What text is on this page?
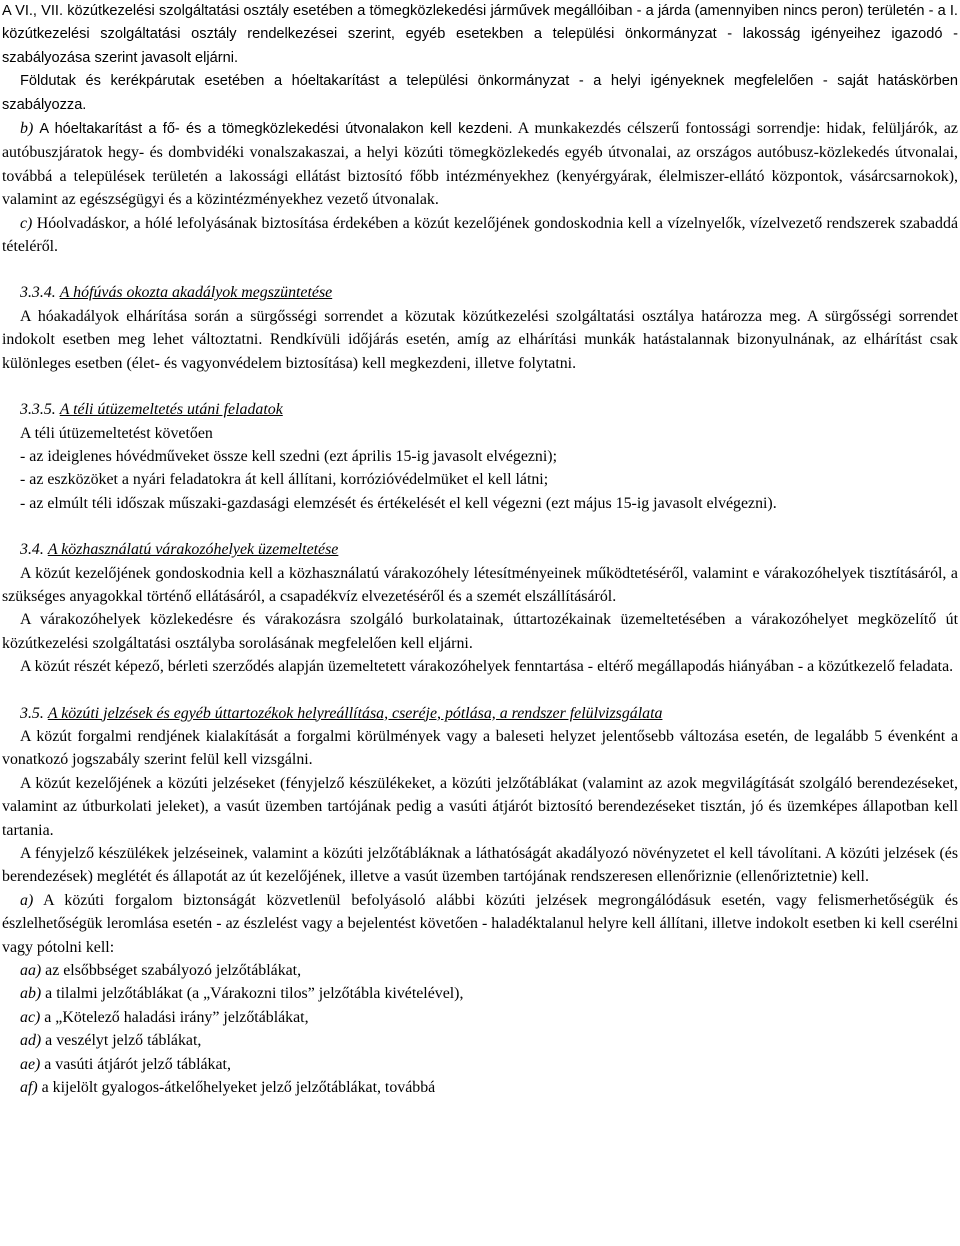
A VI., VII. közútkezelési szolgáltatási osztály esetében a tömegközlekedési járművek megállóiban - a járda (amennyiben nincs peron) területén - a I. közútkezelési szolgáltatási osztály rendelkezései szerint, egyéb esetekben a települési önkormányzat - lakosság igényeihez igazodó - szabályozása szerint javasolt eljárni.

Földutak és kerékpárutak esetében a hóeltakarítást a települési önkormányzat - a helyi igényeknek megfelelően - saját hatáskörben szabályozza.

b) A hóeltakarítást a fő- és a tömegközlekedési útvonalakon kell kezdeni. A munkakezdés célszerű fontossági sorrendje: hidak, felüljárók, az autóbuszjáratok hegy- és dombvidéki vonalszakaszai, a helyi közúti tömegközlekedés egyéb útvonalai, az országos autóbusz-közlekedés útvonalai, továbbá a települések területén a lakossági ellátást biztosító főbb intézményekhez (kenyérgyárak, élelmiszer-ellátó központok, vásárcsarnokok), valamint az egészségügyi és a közintézményekhez vezető útvonalak.

c) Hóolvadáskor, a hólé lefolyásának biztosítása érdekében a közút kezelőjének gondoskodnia kell a vízelnyelők, vízelvezető rendszerek szabaddá tételéről.

3.3.4. A hófúvás okozta akadályok megszüntetése

A hóakadályok elhárítása során a sürgősségi sorrendet a közutak közútkezelési szolgáltatási osztálya határozza meg. A sürgősségi sorrendet indokolt esetben meg lehet változtatni. Rendkívüli időjárás esetén, amíg az elhárítási munkák hatástalannak bizonyulnának, az elhárítást csak különleges esetben (élet- és vagyonvédelem biztosítása) kell megkezdeni, illetve folytatni.

3.3.5. A téli útüzemeltetés utáni feladatok

A téli útüzemeltetést követően

- az ideiglenes hóvédműveket össze kell szedni (ezt április 15-ig javasolt elvégezni);

- az eszközöket a nyári feladatokra át kell állítani, korrózióvédelmüket el kell látni;

- az elmúlt téli időszak műszaki-gazdasági elemzését és értékelését el kell végezni (ezt május 15-ig javasolt elvégezni).

3.4. A közhasználatú várakozóhelyek üzemeltetése

A közút kezelőjének gondoskodnia kell a közhasználatú várakozóhely létesítményeinek működtetéséről, valamint e várakozóhelyek tisztításáról, a szükséges anyagokkal történő ellátásáról, a csapadékvíz elvezetéséről és a szemét elszállításáról.

A várakozóhelyek közlekedésre és várakozásra szolgáló burkolatainak, úttartozékainak üzemeltetésében a várakozóhelyet megközelítő út közútkezelési szolgáltatási osztályba sorolásának megfelelően kell eljárni.

A közút részét képező, bérleti szerződés alapján üzemeltetett várakozóhelyek fenntartása - eltérő megállapodás hiányában - a közútkezelő feladata.

3.5. A közúti jelzések és egyéb úttartozékok helyreállítása, cseréje, pótlása, a rendszer felülvizsgálata

A közút forgalmi rendjének kialakítását a forgalmi körülmények vagy a baleseti helyzet jelentősebb változása esetén, de legalább 5 évenként a vonatkozó jogszabály szerint felül kell vizsgálni.

A közút kezelőjének a közúti jelzéseket (fényjelző készülékeket, a közúti jelzőtáblákat (valamint az azok megvilágítását szolgáló berendezéseket, valamint az útburkolati jeleket), a vasút üzemben tartójának pedig a vasúti átjárót biztosító berendezéseket tisztán, jó és üzemképes állapotban kell tartania.

A fényjelző készülékek jelzéseinek, valamint a közúti jelzőtábláknak a láthatóságát akadályozó növényzetet el kell távolítani. A közúti jelzések (és berendezések) meglétét és állapotát az út kezelőjének, illetve a vasút üzemben tartójának rendszeresen ellenőriznie (ellenőriztetnie) kell.

a) A közúti forgalom biztonságát közvetlenül befolyásoló alábbi közúti jelzések megrongálódásuk esetén, vagy felismerhetőségük és észlelhetőségük leromlása esetén - az észlelést vagy a bejelentést követően - haladéktalanul helyre kell állítani, illetve indokolt esetben ki kell cserélni vagy pótolni kell:

aa) az elsőbbséget szabályozó jelzőtáblákat,

ab) a tilalmi jelzőtáblákat (a „Várakozni tilos” jelzőtábla kivételével),

ac) a „Kötelező haladási irány” jelzőtáblákat,

ad) a veszélyt jelző táblákat,

ae) a vasúti átjárót jelző táblákat,

af) a kijelölt gyalogos-átkelőhelyeket jelző jelzőtáblákat, továbbá
